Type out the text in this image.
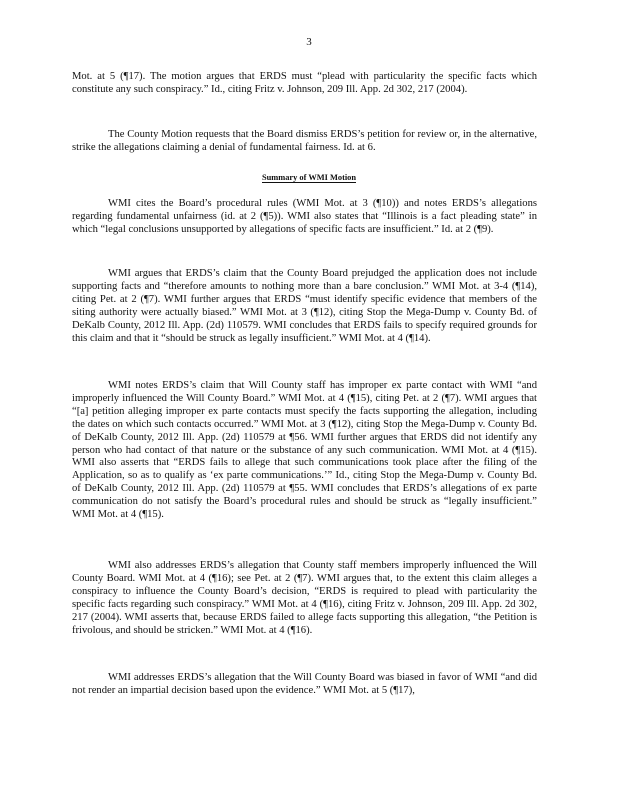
3

Mot. at 5 (¶17). The motion argues that ERDS must “plead with particularity the specific facts which constitute any such conspiracy.” Id., citing Fritz v. Johnson, 209 Ill. App. 2d 302, 217 (2004).

The County Motion requests that the Board dismiss ERDS’s petition for review or, in the alternative, strike the allegations claiming a denial of fundamental fairness. Id. at 6.

Summary of WMI Motion

WMI cites the Board’s procedural rules (WMI Mot. at 3 (¶10)) and notes ERDS’s allegations regarding fundamental unfairness (id. at 2 (¶5)). WMI also states that “Illinois is a fact pleading state” in which “legal conclusions unsupported by allegations of specific facts are insufficient.” Id. at 2 (¶9).

WMI argues that ERDS’s claim that the County Board prejudged the application does not include supporting facts and “therefore amounts to nothing more than a bare conclusion.” WMI Mot. at 3-4 (¶14), citing Pet. at 2 (¶7). WMI further argues that ERDS “must identify specific evidence that members of the siting authority were actually biased.” WMI Mot. at 3 (¶12), citing Stop the Mega-Dump v. County Bd. of DeKalb County, 2012 Ill. App. (2d) 110579. WMI concludes that ERDS fails to specify required grounds for this claim and that it “should be struck as legally insufficient.” WMI Mot. at 4 (¶14).

WMI notes ERDS’s claim that Will County staff has improper ex parte contact with WMI “and improperly influenced the Will County Board.” WMI Mot. at 4 (¶15), citing Pet. at 2 (¶7). WMI argues that “[a] petition alleging improper ex parte contacts must specify the facts supporting the allegation, including the dates on which such contacts occurred.” WMI Mot. at 3 (¶12), citing Stop the Mega-Dump v. County Bd. of DeKalb County, 2012 Ill. App. (2d) 110579 at ¶56. WMI further argues that ERDS did not identify any person who had contact of that nature or the substance of any such communication. WMI Mot. at 4 (¶15). WMI also asserts that “ERDS fails to allege that such communications took place after the filing of the Application, so as to qualify as ‘ex parte communications.’” Id., citing Stop the Mega-Dump v. County Bd. of DeKalb County, 2012 Ill. App. (2d) 110579 at ¶55. WMI concludes that ERDS’s allegations of ex parte communication do not satisfy the Board’s procedural rules and should be struck as “legally insufficient.” WMI Mot. at 4 (¶15).

WMI also addresses ERDS’s allegation that County staff members improperly influenced the Will County Board. WMI Mot. at 4 (¶16); see Pet. at 2 (¶7). WMI argues that, to the extent this claim alleges a conspiracy to influence the County Board’s decision, “ERDS is required to plead with particularity the specific facts regarding such conspiracy.” WMI Mot. at 4 (¶16), citing Fritz v. Johnson, 209 Ill. App. 2d 302, 217 (2004). WMI asserts that, because ERDS failed to allege facts supporting this allegation, “the Petition is frivolous, and should be stricken.” WMI Mot. at 4 (¶16).

WMI addresses ERDS’s allegation that the Will County Board was biased in favor of WMI “and did not render an impartial decision based upon the evidence.” WMI Mot. at 5 (¶17),
